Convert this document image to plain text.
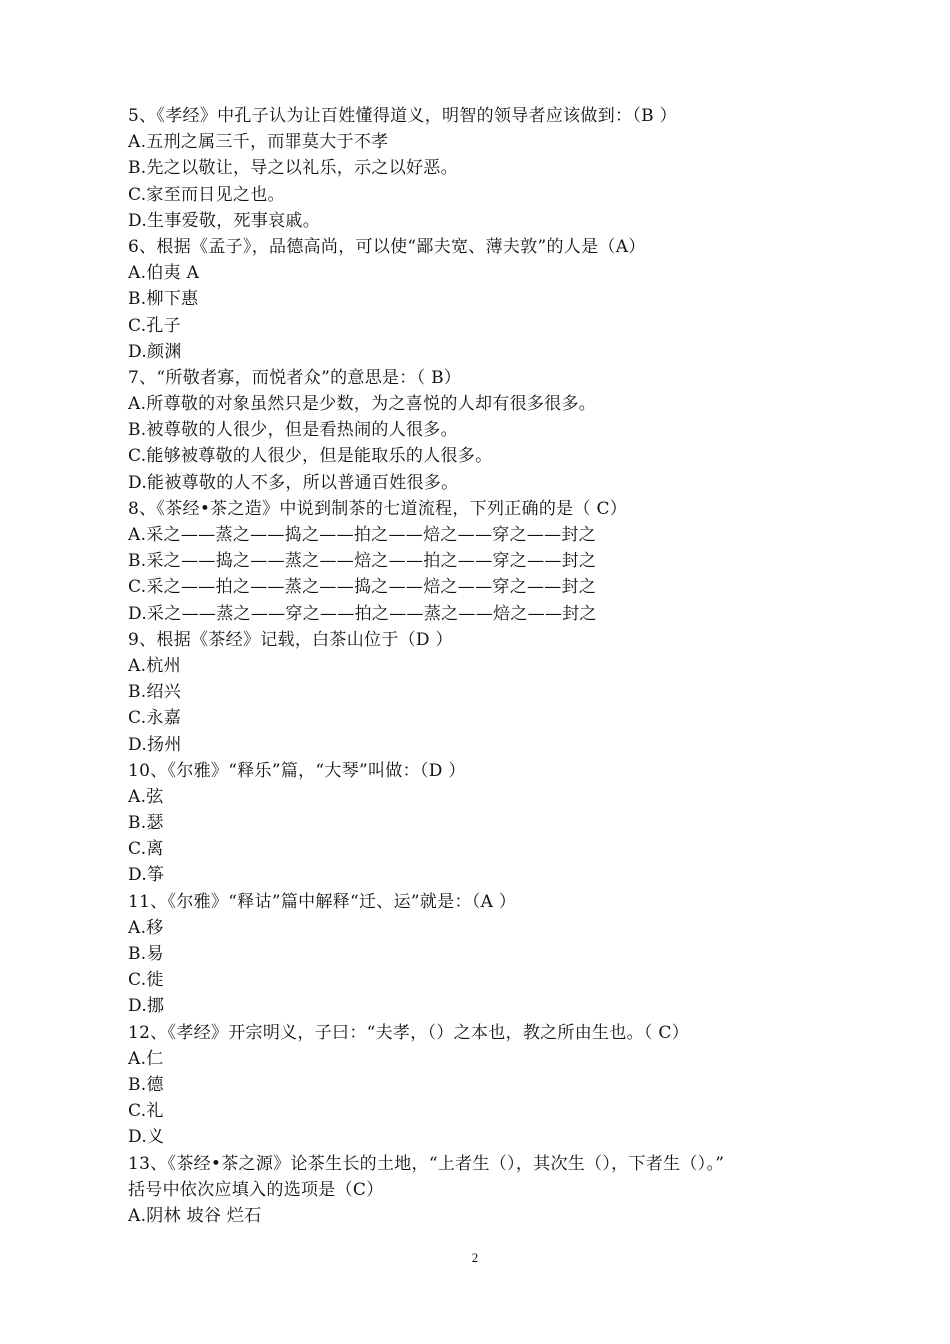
5、《孝经》中孔子认为让百姓懂得道义，明智的领导者应该做到：（B ）
A.五刑之属三千，而罪莫大于不孝
B.先之以敬让，导之以礼乐，示之以好恶。
C.家至而日见之也。
D.生事爱敬，死事哀戚。
6、根据《孟子》，品德高尚，可以使“鄙夫宽、薄夫敦”的人是（A）
A.伯夷 A
B.柳下惠
C.孔子
D.颜渊
7、“所敬者寡，而悦者众”的意思是：（ B）
A.所尊敬的对象虽然只是少数，为之喜悦的人却有很多很多。
B.被尊敬的人很少，但是看热闹的人很多。
C.能够被尊敬的人很少，但是能取乐的人很多。
D.能被尊敬的人不多，所以普通百姓很多。
8、《茶经•茶之造》中说到制茶的七道流程，下列正确的是（ C）
A.采之——蒸之——捣之——拍之——焙之——穿之——封之
B.采之——捣之——蒸之——焙之——拍之——穿之——封之
C.采之——拍之——蒸之——捣之——焙之——穿之——封之
D.采之——蒸之——穿之——拍之——蒸之——焙之——封之
9、根据《茶经》记载，白茶山位于（D ）
A.杭州
B.绍兴
C.永嘉
D.扬州
10、《尔雅》“释乐”篇，“大琴”叫做：（D ）
A.弦
B.瑟
C.离
D.筝
11、《尔雅》“释诂”篇中解释“迁、运”就是：（A ）
A.移
B.易
C.徙
D.挪
12、《孝经》开宗明义，子曰：“夫孝，（）之本也，教之所由生也。（ C）
A.仁
B.德
C.礼
D.义
13、《茶经•茶之源》论茶生长的土地，“上者生（），其次生（），下者生（）。”
括号中依次应填入的选项是（C）
A.阴林 坡谷 烂石
2
